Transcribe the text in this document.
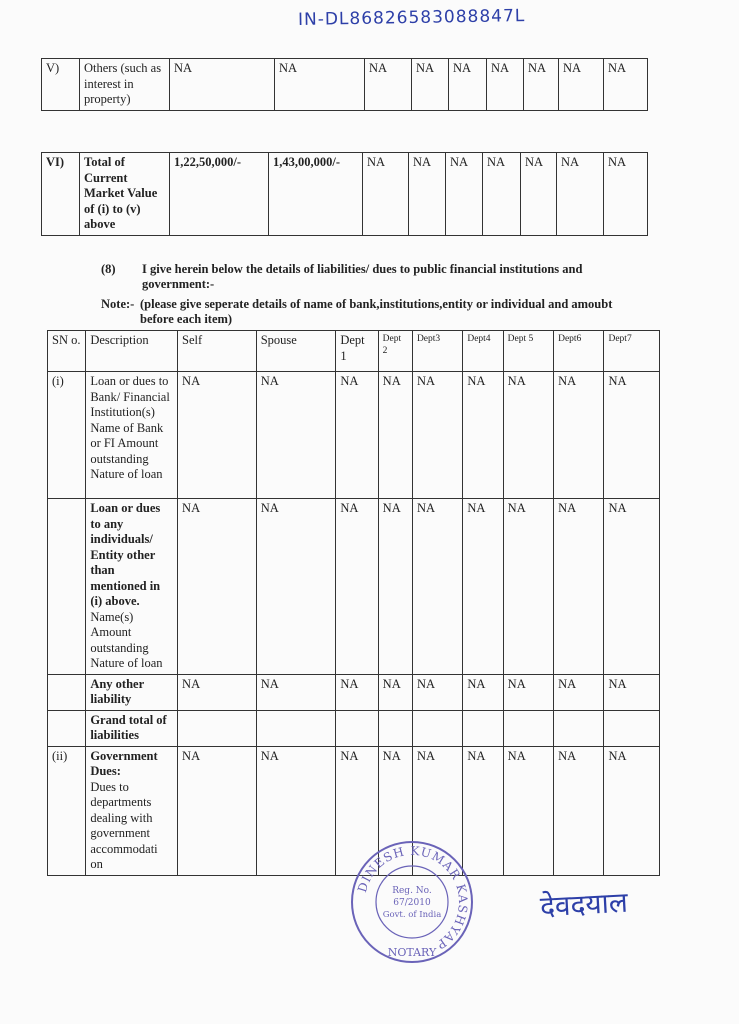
IN-DL86826583088847L
V)	Others (such as interest in property)	NA	NA	NA	NA	NA	NA	NA	NA	NA
VI)	Total of Current Market Value of (i) to (v) above	1,22,50,000/-	1,43,00,000/-	NA	NA	NA	NA	NA	NA	NA
(8) I give herein below the details of liabilities/ dues to public financial institutions and government:-
Note:- (please give seperate details of name of bank,institutions,entity or individual and amoubt before each item)
SN o.	Description	Self	Spouse	Dept 1	Dept 2	Dept3	Dept4	Dept 5	Dept6	Dept7
(i)	Loan or dues to Bank/ Financial Institution(s) Name of Bank or FI Amount outstanding Nature of loan	NA	NA	NA	NA	NA	NA	NA	NA	NA

	Loan or dues to any individuals/ Entity other than mentioned in (i) above.
Name(s) Amount outstanding Nature of loan	NA	NA	NA	NA	NA	NA	NA	NA	NA

	Any other liability	NA	NA	NA	NA	NA	NA	NA	NA	NA

	Grand total of liabilities									

(ii)	Government Dues:
Dues to departments dealing with government accommodati on	NA	NA	NA	NA	NA	NA	NA	NA	NA
DINESH KUMAR KASHYAP
NOTARY
Reg. No.
67/2010
Govt. of India	देवदयाल
